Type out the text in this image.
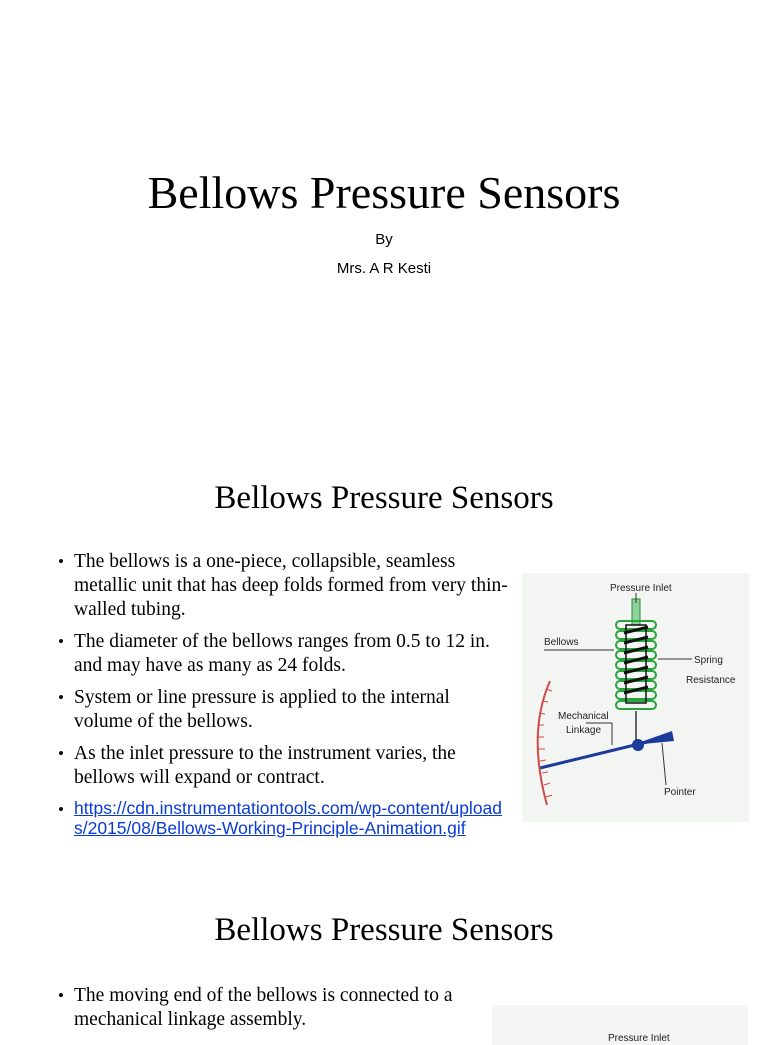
Bellows Pressure Sensors
By
Mrs. A R Kesti
Bellows Pressure Sensors
• The bellows is a one-piece, collapsible, seamless metallic unit that has deep folds formed from very thin-walled tubing.
• The diameter of the bellows ranges from 0.5 to 12 in. and may have as many as 24 folds.
• System or line pressure is applied to the internal volume of the bellows.
• As the inlet pressure to the instrument varies, the bellows will expand or contract.
• https://cdn.instrumentationtools.com/wp-content/uploads/2015/08/Bellows-Working-Principle-Animation.gif
Pressure Inlet
Bellows
Spring
Resistance
Mechanical
Linkage
Pointer
Bellows Pressure Sensors
• The moving end of the bellows is connected to a mechanical linkage assembly.
Pressure Inlet
